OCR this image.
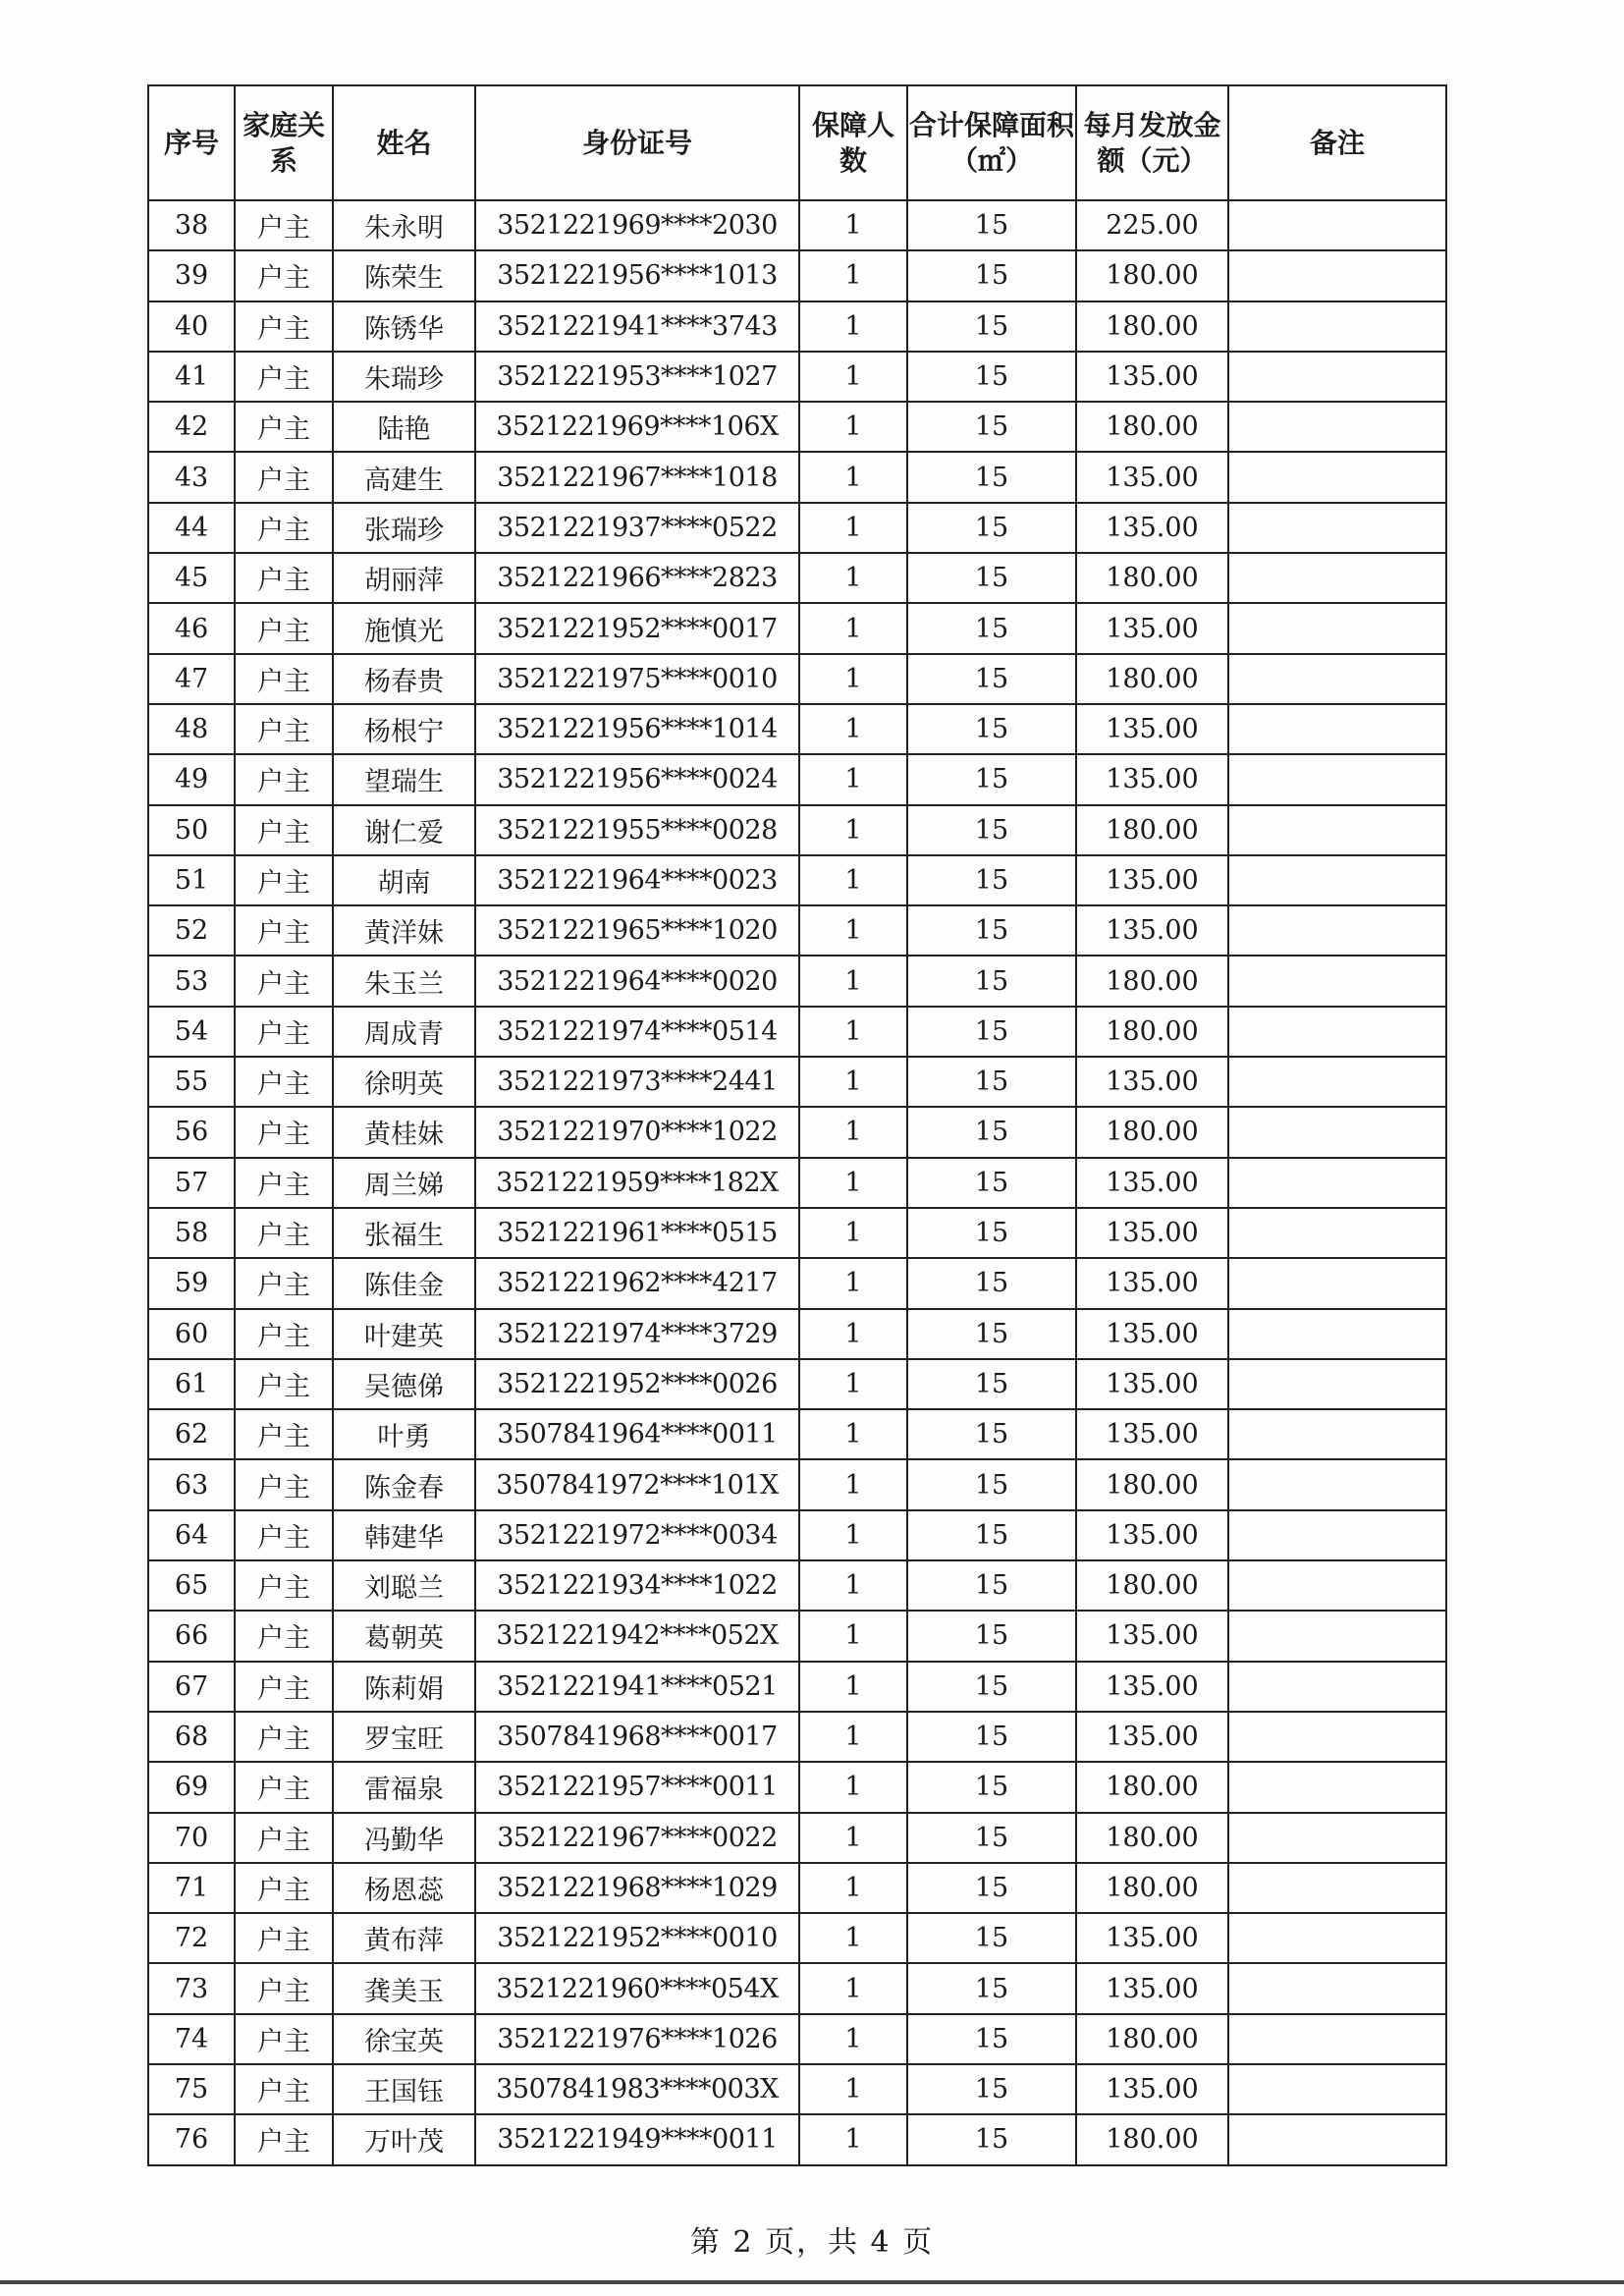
序号	家庭关系	姓名	身份证号	保障人数	合计保障面积（㎡）	每月发放金额（元）	备注
38	户主	朱永明	3521221969****2030	1	15	225.00	
39	户主	陈荣生	3521221956****1013	1	15	180.00	
40	户主	陈锈华	3521221941****3743	1	15	180.00	
41	户主	朱瑞珍	3521221953****1027	1	15	135.00	
42	户主	陆艳	3521221969****106X	1	15	180.00	
43	户主	高建生	3521221967****1018	1	15	135.00	
44	户主	张瑞珍	3521221937****0522	1	15	135.00	
45	户主	胡丽萍	3521221966****2823	1	15	180.00	
46	户主	施慎光	3521221952****0017	1	15	135.00	
47	户主	杨春贵	3521221975****0010	1	15	180.00	
48	户主	杨根宁	3521221956****1014	1	15	135.00	
49	户主	望瑞生	3521221956****0024	1	15	135.00	
50	户主	谢仁爱	3521221955****0028	1	15	180.00	
51	户主	胡南	3521221964****0023	1	15	135.00	
52	户主	黄洋妹	3521221965****1020	1	15	135.00	
53	户主	朱玉兰	3521221964****0020	1	15	180.00	
54	户主	周成青	3521221974****0514	1	15	180.00	
55	户主	徐明英	3521221973****2441	1	15	135.00	
56	户主	黄桂妹	3521221970****1022	1	15	180.00	
57	户主	周兰娣	3521221959****182X	1	15	135.00	
58	户主	张福生	3521221961****0515	1	15	135.00	
59	户主	陈佳金	3521221962****4217	1	15	135.00	
60	户主	叶建英	3521221974****3729	1	15	135.00	
61	户主	吴德俤	3521221952****0026	1	15	135.00	
62	户主	叶勇	3507841964****0011	1	15	135.00	
63	户主	陈金春	3507841972****101X	1	15	180.00	
64	户主	韩建华	3521221972****0034	1	15	135.00	
65	户主	刘聪兰	3521221934****1022	1	15	180.00	
66	户主	葛朝英	3521221942****052X	1	15	135.00	
67	户主	陈莉娟	3521221941****0521	1	15	135.00	
68	户主	罗宝旺	3507841968****0017	1	15	135.00	
69	户主	雷福泉	3521221957****0011	1	15	180.00	
70	户主	冯勤华	3521221967****0022	1	15	180.00	
71	户主	杨恩蕊	3521221968****1029	1	15	180.00	
72	户主	黄布萍	3521221952****0010	1	15	135.00	
73	户主	龚美玉	3521221960****054X	1	15	135.00	
74	户主	徐宝英	3521221976****1026	1	15	180.00	
75	户主	王国钰	3507841983****003X	1	15	135.00	
76	户主	万叶茂	3521221949****0011	1	15	180.00	
第 2 页，共 4 页
